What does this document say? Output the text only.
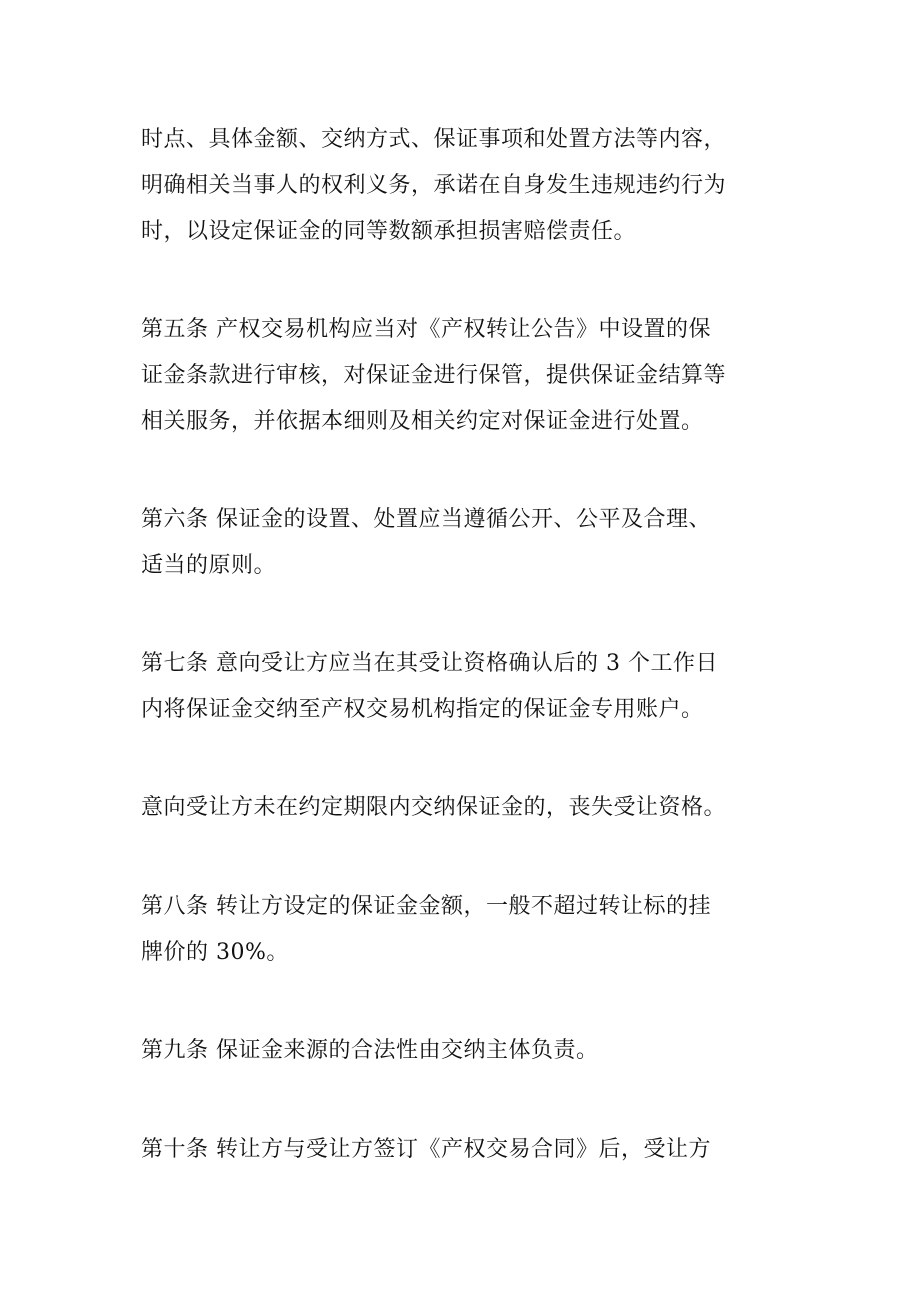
时点、具体金额、交纳方式、保证事项和处置方法等内容，

明确相关当事人的权利义务，承诺在自身发生违规违约行为

时，以设定保证金的同等数额承担损害赔偿责任。

第五条 产权交易机构应当对《产权转让公告》中设置的保

证金条款进行审核，对保证金进行保管，提供保证金结算等

相关服务，并依据本细则及相关约定对保证金进行处置。

第六条 保证金的设置、处置应当遵循公开、公平及合理、

适当的原则。

第七条 意向受让方应当在其受让资格确认后的 3 个工作日

内将保证金交纳至产权交易机构指定的保证金专用账户。

意向受让方未在约定期限内交纳保证金的，丧失受让资格。

第八条 转让方设定的保证金金额，一般不超过转让标的挂

牌价的 30%。

第九条 保证金来源的合法性由交纳主体负责。

第十条 转让方与受让方签订《产权交易合同》后，受让方
